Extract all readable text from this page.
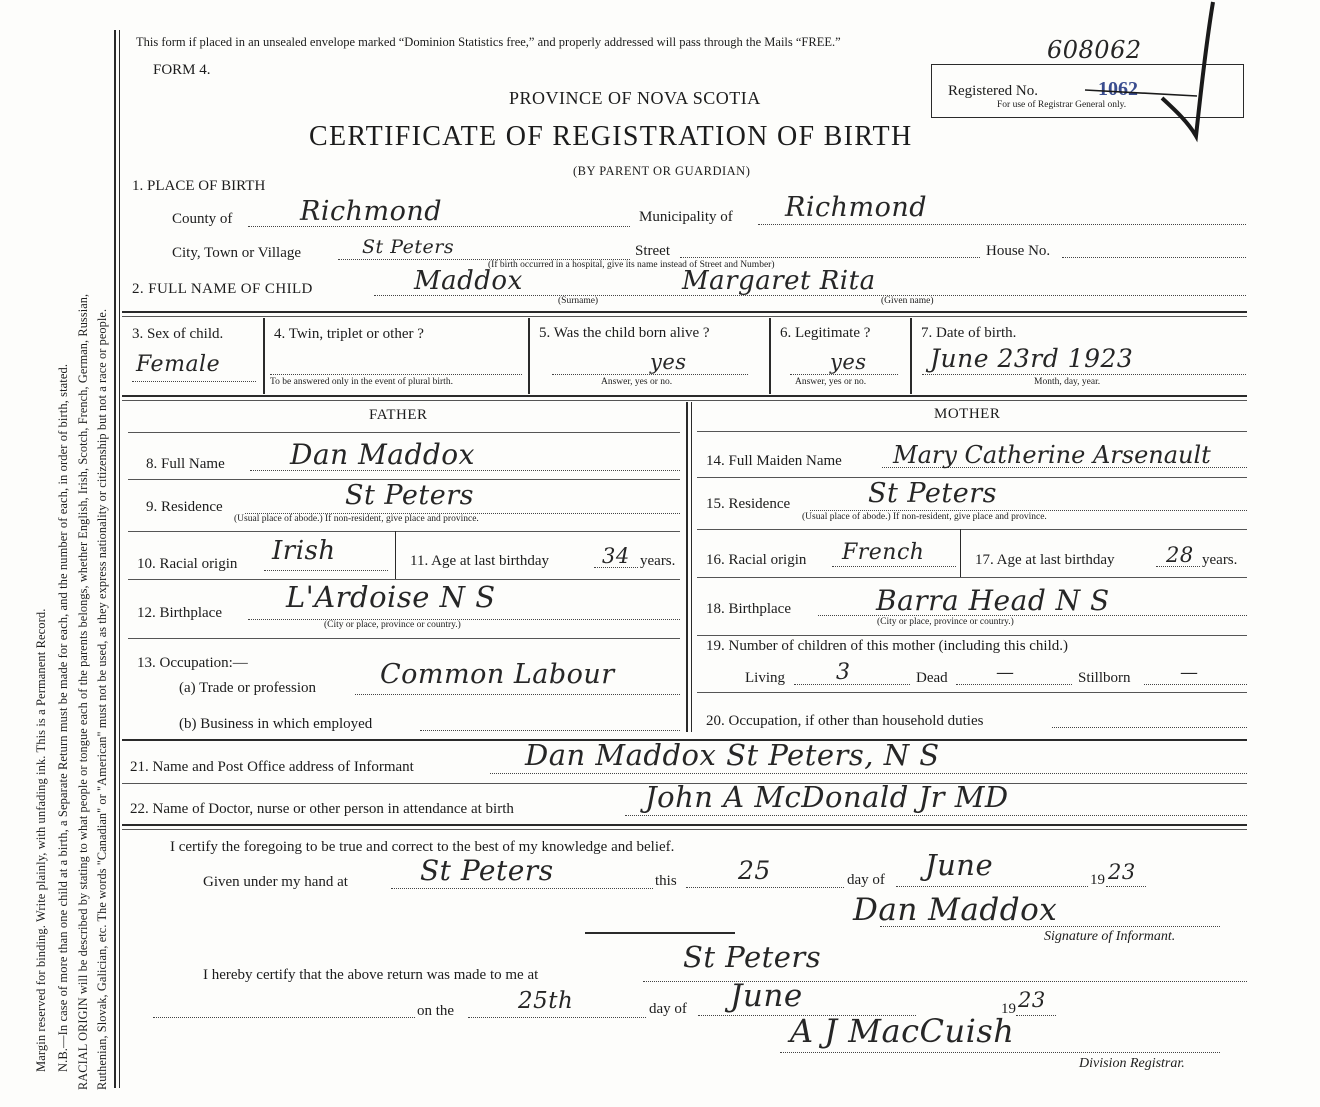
Margin reserved for binding. Write plainly, with unfading ink. This is a Permanent Record. N.B.—In case of more than one child at a birth, a Separate Return must be made for each, and the number of each, in order of birth, stated. RACIAL ORIGIN will be described by stating to what people or tongue each of the parents belongs, whether English, Irish, Scotch, French, German, Russian, Ruthenian, Slovak, Galician, etc. The words "Canadian" or "American" must not be used, as they express nationality or citizenship but not a race or people.
This form if placed in an unsealed envelope marked “Dominion Statistics free,” and properly addressed will pass through the Mails “FREE.”	608062
FORM 4.
PROVINCE OF NOVA SCOTIA
CERTIFICATE OF REGISTRATION OF BIRTH
(BY PARENT OR GUARDIAN)
Registered No.	1062
For use of Registrar General only.
1. PLACE OF BIRTH
County of	Richmond	Municipality of Richmond
City, Town or Village	St Peters	Street	House No.
(If birth occurred in a hospital, give its name instead of Street and Number)
2. FULL NAME OF CHILD	Maddox	Margaret Rita
(Surname)	(Given name)
3. Sex of child.
Female
4. Twin, triplet or other ?
To be answered only in the event of plural birth.
5. Was the child born alive ?
yes
Answer, yes or no.
6. Legitimate ?
yes
Answer, yes or no.
7. Date of birth.
June 23rd 1923
Month, day, year.
FATHER	MOTHER
8. Full Name Dan Maddox	14. Full Maiden Name Mary Catherine Arsenault
9. Residence	St Peters
(Usual place of abode.) If non-resident, give place and province.
15. Residence	St Peters
(Usual place of abode.) If non-resident, give place and province.
10. Racial origin Irish	11. Age at last birthday	34 years. 16. Racial origin French	17. Age at last birthday 28 years.
12. Birthplace L'Ardoise N S
(City or place, province or country.)
18. Birthplace	Barra Head N S
(City or place, province or country.)
13. Occupation:—
(a) Trade or profession Common Labour
(b) Business in which employed
19. Number of children of this mother (including this child.)
Living 3	Dead	—	Stillborn	—
20. Occupation, if other than household duties
21. Name and Post Office address of Informant	Dan Maddox St Peters, N S
22. Name of Doctor, nurse or other person in attendance at birth	John A McDonald Jr MD
I certify the foregoing to be true and correct to the best of my knowledge and belief.
Given under my hand at	St Peters	this 25	day of June	19 23
Dan Maddox
Signature of Informant.
I hereby certify that the above return was made to me at
St Peters
on the	25th	day of June	19 23
A J MacCuish
Division Registrar.
